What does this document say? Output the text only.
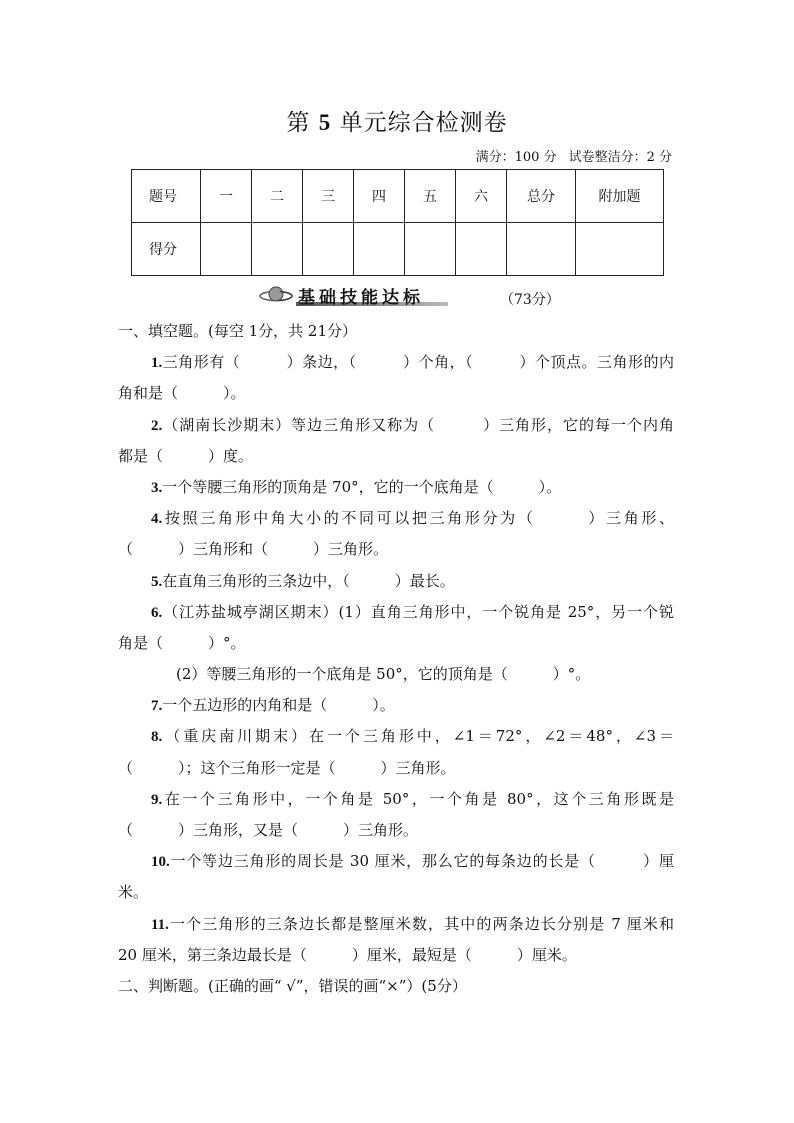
第 5 单元综合检测卷
满分：100 分 试卷整洁分：2 分
题号	一	二	三	四	五	六	总分	附加题
得分								
基础技能达标	（73分）
一、填空题。(每空 1分，共 21分）
1.三角形有（　　　）条边，（　　　）个角，（　　　）个顶点。三角形的内
角和是（　　　）。
2.（湖南长沙期末）等边三角形又称为（　　　）三角形，它的每一个内角
都是（　　　）度。
3.一个等腰三角形的顶角是 70°，它的一个底角是（　　　）。
4.按照三角形中角大小的不同可以把三角形分为（　　　）三角形、
（　　　）三角形和（　　　）三角形。
5.在直角三角形的三条边中，（　　　）最长。
6.（江苏盐城亭湖区期末）(1）直角三角形中，一个锐角是 25°，另一个锐
角是（　　　）°。
(2）等腰三角形的一个底角是 50°，它的顶角是（　　　）°。
7.一个五边形的内角和是（　　　）。
8.（重庆南川期末）在一个三角形中，∠1＝72°，∠2＝48°，∠3＝
（　　　）；这个三角形一定是（　　　）三角形。
9.在一个三角形中，一个角是 50°，一个角是 80°，这个三角形既是
（　　　）三角形，又是（　　　）三角形。
10.一个等边三角形的周长是 30 厘米，那么它的每条边的长是（　　　）厘
米。
11.一个三角形的三条边长都是整厘米数，其中的两条边长分别是 7 厘米和
20 厘米，第三条边最长是（　　　）厘米，最短是（　　　）厘米。
二、判断题。(正确的画“ √”，错误的画“×”）(5分）
